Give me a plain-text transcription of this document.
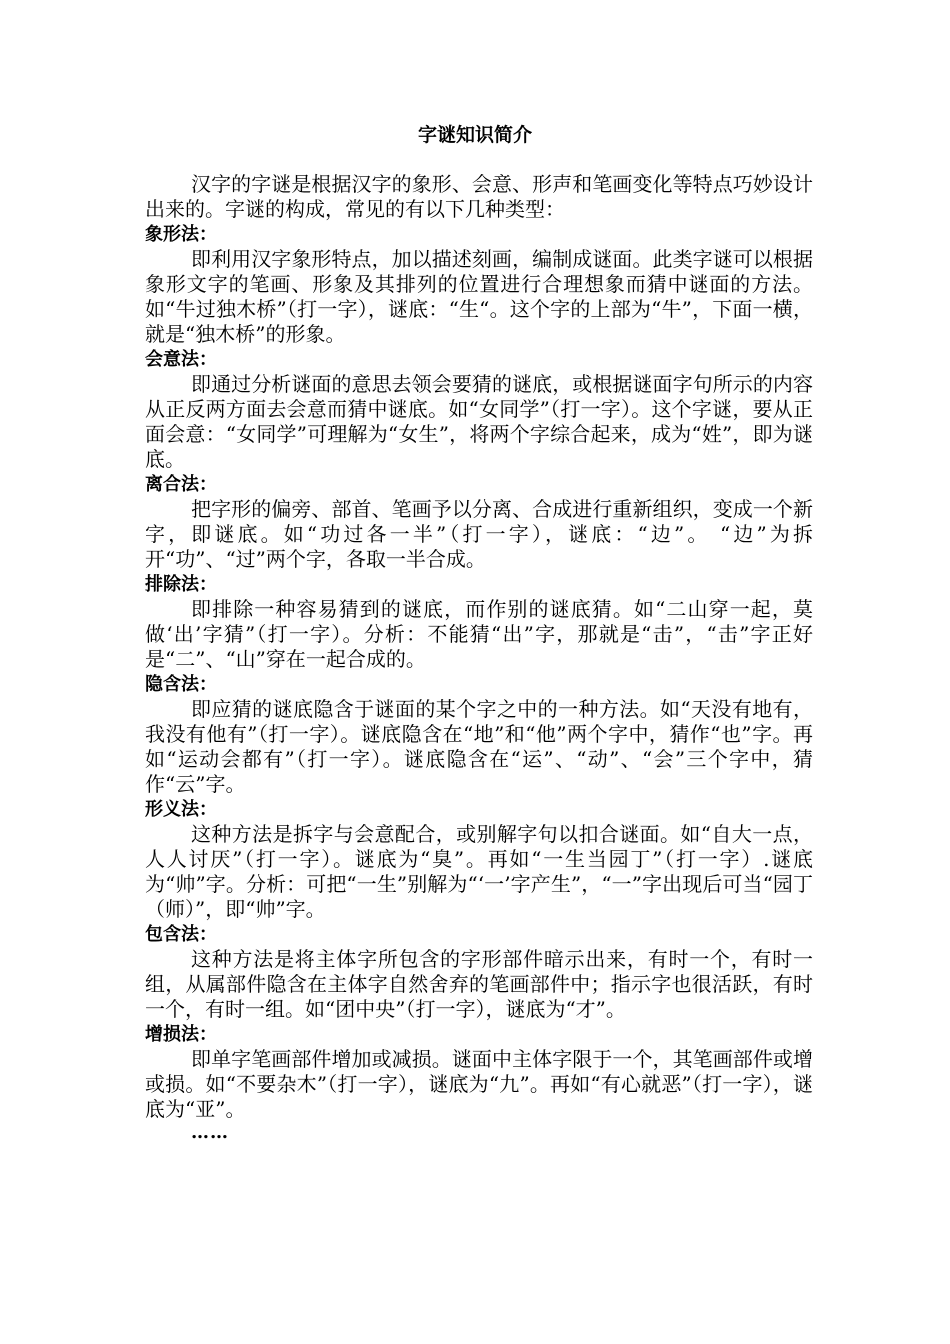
字谜知识简介

汉字的字谜是根据汉字的象形、会意、形声和笔画变化等特点巧妙设计出来的。字谜的构成，常见的有以下几种类型：

象形法：

即利用汉字象形特点，加以描述刻画，编制成谜面。此类字谜可以根据象形文字的笔画、形象及其排列的位置进行合理想象而猜中谜面的方法。如“牛过独木桥”（打一字），谜底：“生“。这个字的上部为“牛”，下面一横，就是“独木桥”的形象。

会意法：

即通过分析谜面的意思去领会要猜的谜底，或根据谜面字句所示的内容从正反两方面去会意而猜中谜底。如“女同学”（打一字）。这个字谜，要从正面会意：“女同学”可理解为“女生”，将两个字综合起来，成为“姓”，即为谜底。

离合法：

把字形的偏旁、部首、笔画予以分离、合成进行重新组织，变成一个新字，即谜底。如“功过各一半”（打一字），谜底：“边”。 “边”为拆开“功”、“过”两个字，各取一半合成。

排除法：

即排除一种容易猜到的谜底，而作别的谜底猜。如“二山穿一起，莫做‘出’字猜”（打一字）。分析：不能猜“出”字，那就是“击”，“击”字正好是“二”、“山”穿在一起合成的。

隐含法：

即应猜的谜底隐含于谜面的某个字之中的一种方法。如“天没有地有，我没有他有”（打一字）。谜底隐含在“地”和“他”两个字中，猜作“也”字。再如“运动会都有”（打一字）。谜底隐含在“运”、“动”、“会”三个字中，猜作“云”字。

形义法：

这种方法是拆字与会意配合，或别解字句以扣合谜面。如“自大一点，人人讨厌”（打一字）。谜底为“臭”。再如“一生当园丁”（打一字）.谜底为“帅”字。分析：可把“一生”别解为“‘一’字产生”，“一”字出现后可当“园丁（师）”，即“帅”字。

包含法：

这种方法是将主体字所包含的字形部件暗示出来，有时一个，有时一组，从属部件隐含在主体字自然舍弃的笔画部件中；指示字也很活跃，有时一个，有时一组。如“团中央”（打一字），谜底为“才”。

增损法：

即单字笔画部件增加或减损。谜面中主体字限于一个，其笔画部件或增或损。如“不要杂木”（打一字），谜底为“九”。再如“有心就恶”（打一字），谜底为“亚”。

……
